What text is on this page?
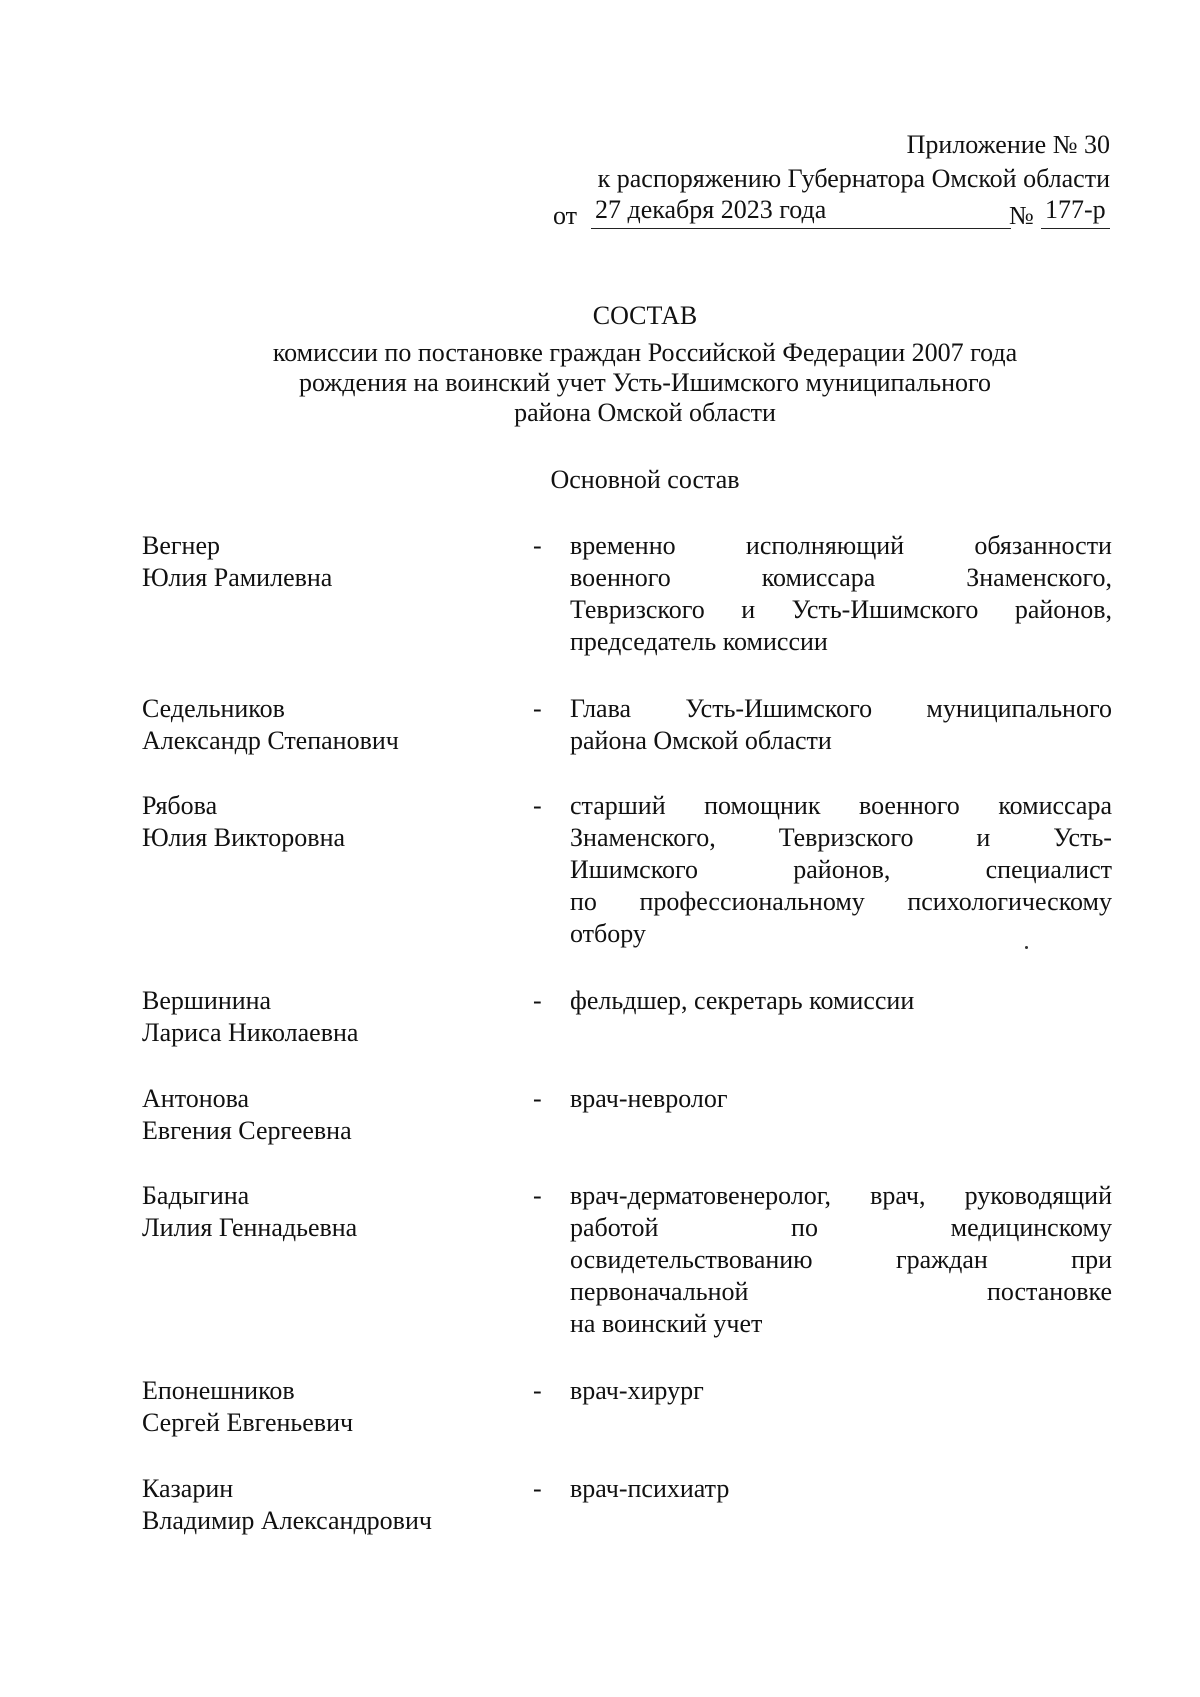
Приложение № 30
к распоряжению Губернатора Омской области
от 27 декабря 2023 года	№ 177-р
СОСТАВ
комиссии по постановке граждан Российской Федерации 2007 года
рождения на воинский учет Усть-Ишимского муниципального
района Омской области
Основной состав
Вегнер
Юлия Рамилевна
- временно	исполняющий	обязанности
военного	комиссара	Знаменского,
Тевризского и Усть-Ишимского районов,
председатель комиссии
Седельников
Александр Степанович
- Глава Усть-Ишимского муниципального
района Омской области
Рябова
Юлия Викторовна
- старший помощник военного комиссара
Знаменского, Тевризского и Усть-
Ишимского	районов,	специалист
по профессиональному психологическому
отбору
Вершинина
Лариса Николаевна
- фельдшер, секретарь комиссии
Антонова
Евгения Сергеевна
- врач-невролог
Бадыгина
Лилия Геннадьевна
- врач-дерматовенеролог, врач, руководящий
работой	по	медицинскому
освидетельствованию	граждан	при
первоначальной	постановке
на воинский учет
Епонешников
Сергей Евгеньевич
- врач-хирург
Казарин
Владимир Александрович
- врач-психиатр
